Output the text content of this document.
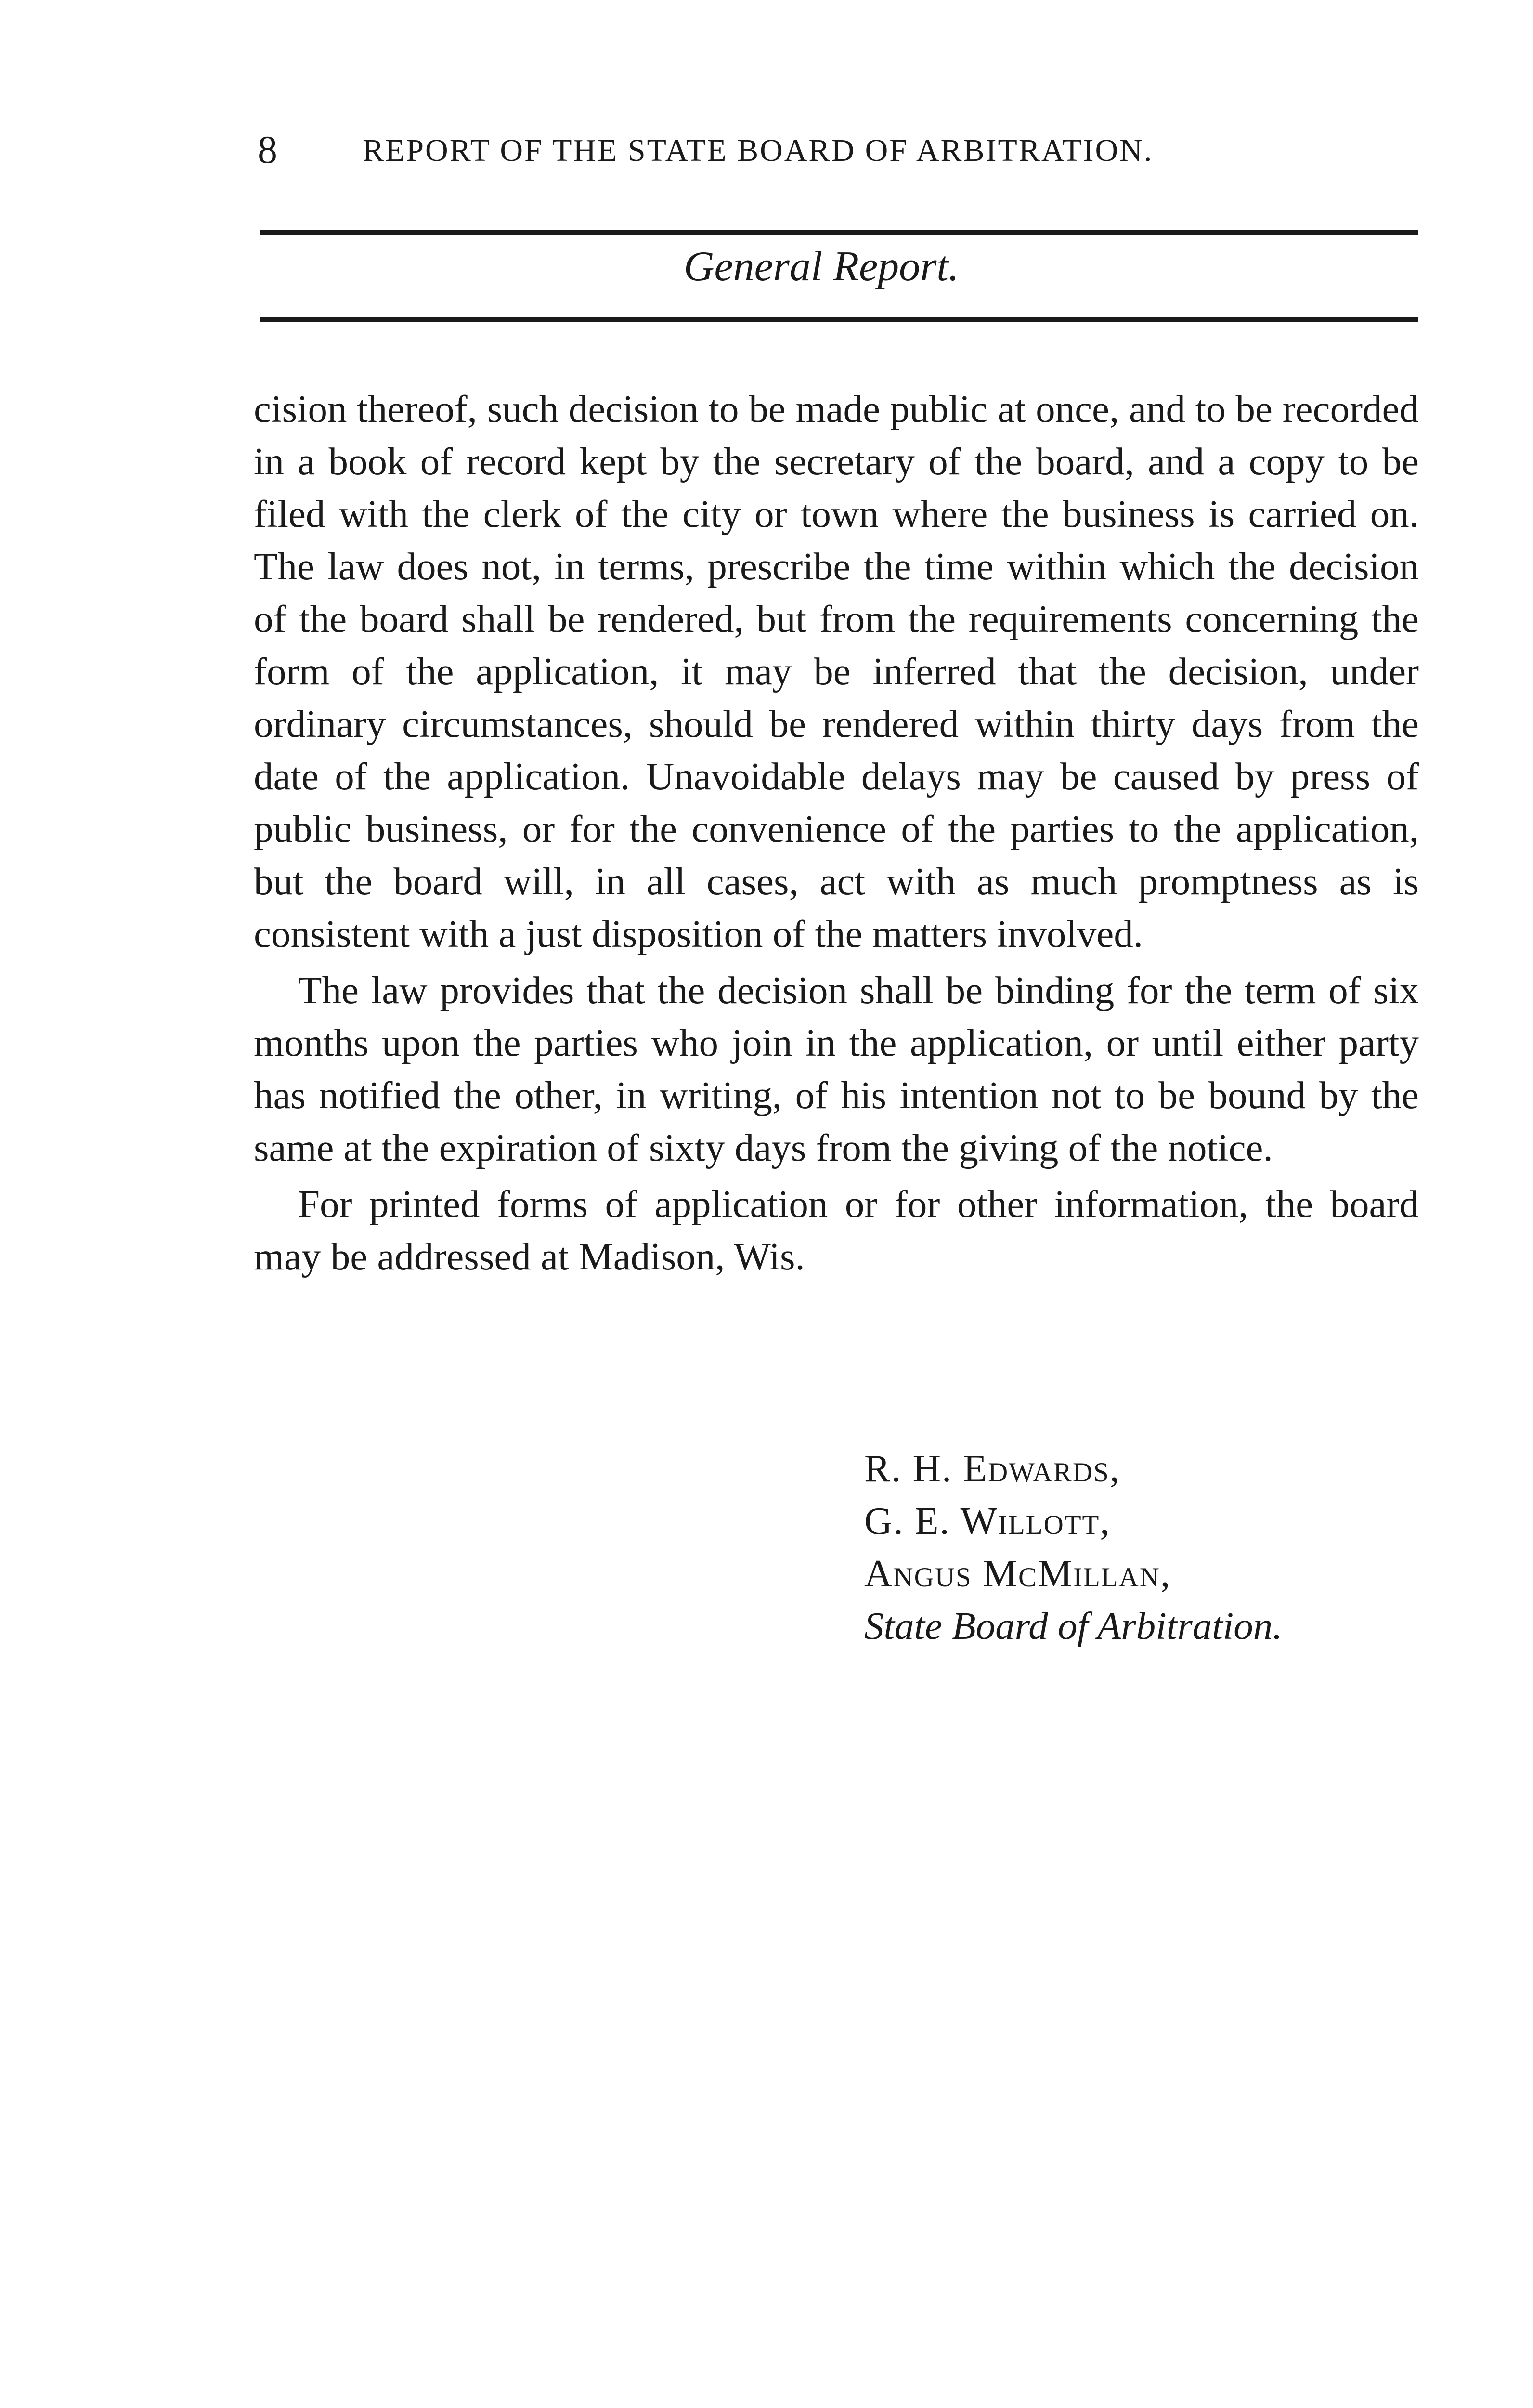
8	REPORT OF THE STATE BOARD OF ARBITRATION.
General Report.

cision thereof, such decision to be made public at once, and to be recorded in a book of record kept by the secretary of the board, and a copy to be filed with the clerk of the city or town where the business is carried on. The law does not, in terms, prescribe the time within which the decision of the board shall be rendered, but from the requirements concerning the form of the application, it may be inferred that the decision, under ordinary circumstances, should be rendered within thirty days from the date of the application. Unavoidable delays may be caused by press of public business, or for the convenience of the parties to the application, but the board will, in all cases, act with as much promptness as is consistent with a just disposition of the matters involved.

The law provides that the decision shall be binding for the term of six months upon the parties who join in the application, or until either party has notified the other, in writing, of his intention not to be bound by the same at the expiration of sixty days from the giving of the notice.

For printed forms of application or for other information, the board may be addressed at Madison, Wis.

R. H. Edwards,
G. E. Willott,
Angus McMillan,
State Board of Arbitration.
